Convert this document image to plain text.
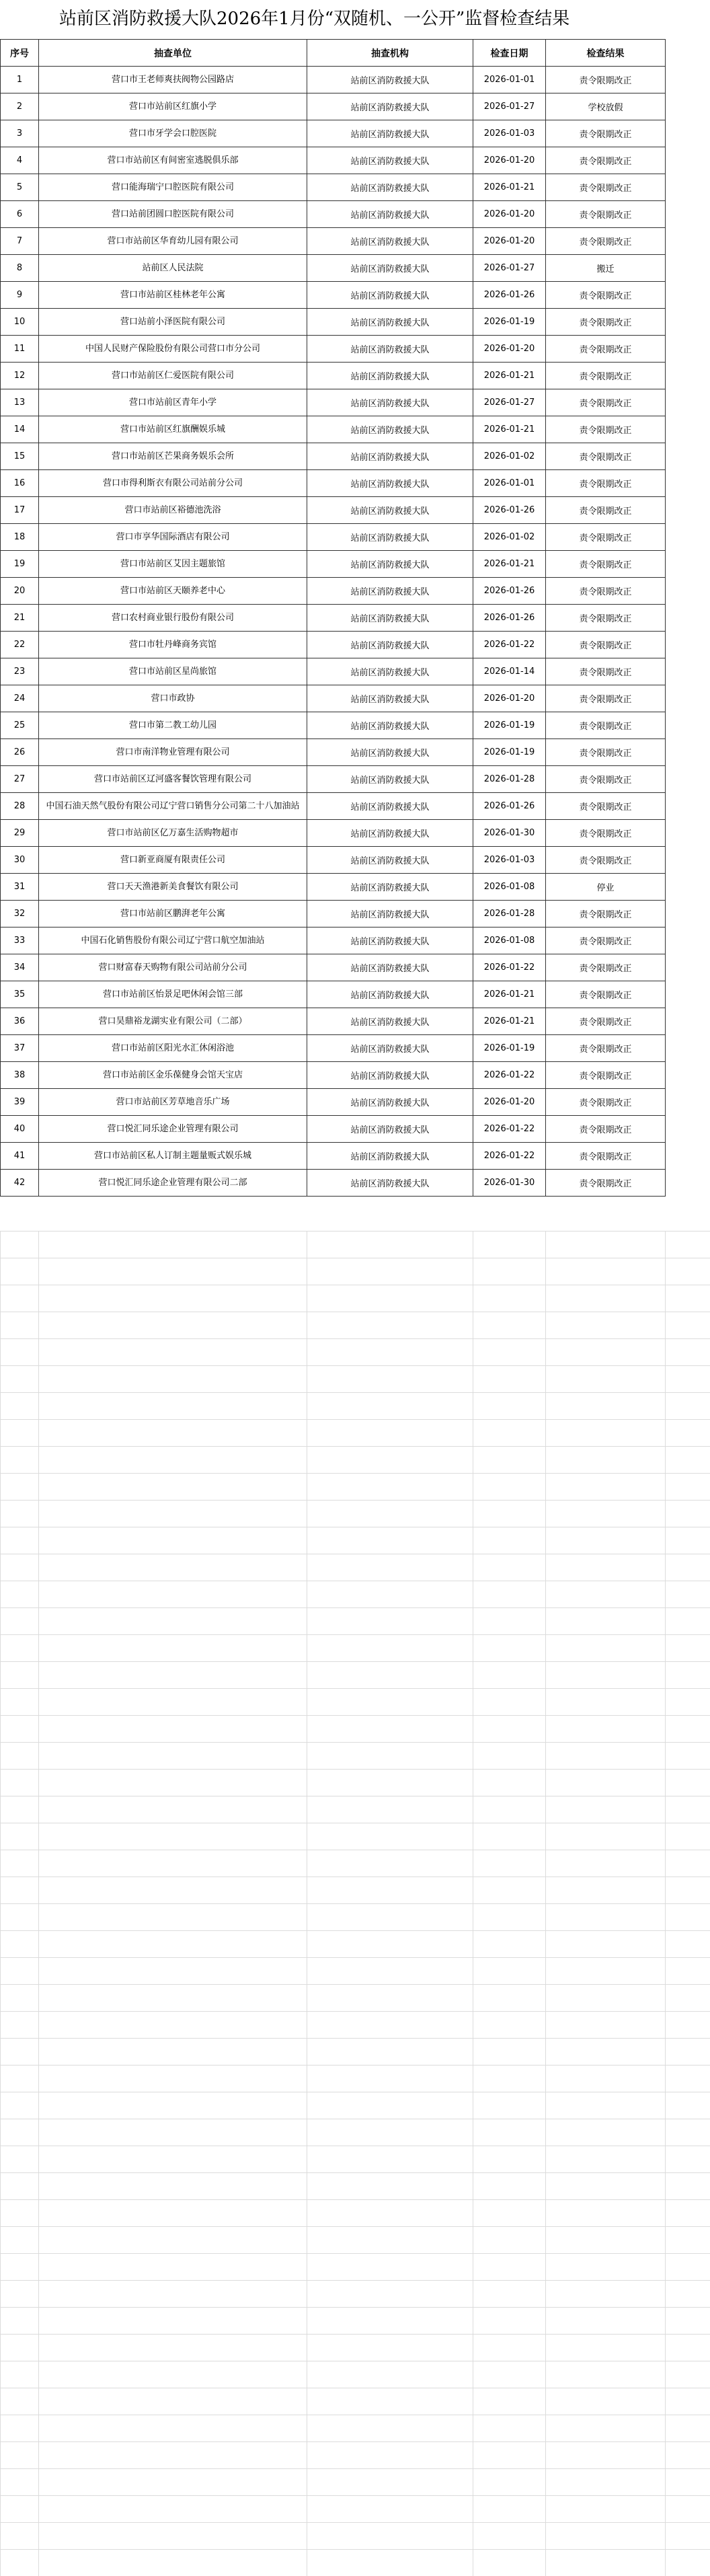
站前区消防救援大队2026年1月份“双随机、一公开”监督检查结果
序号	抽查单位	抽查机构	检查日期	检查结果
1	营口市王老师爽扶阀物公园路店	站前区消防救援大队	2026-01-01	责令限期改正
2	营口市站前区红旗小学	站前区消防救援大队	2026-01-27	学校放假
3	营口市牙学会口腔医院	站前区消防救援大队	2026-01-03	责令限期改正
4	营口市站前区有间密室逃脱俱乐部	站前区消防救援大队	2026-01-20	责令限期改正
5	营口能海瑞宁口腔医院有限公司	站前区消防救援大队	2026-01-21	责令限期改正
6	营口站前团圆口腔医院有限公司	站前区消防救援大队	2026-01-20	责令限期改正
7	营口市站前区华育幼儿园有限公司	站前区消防救援大队	2026-01-20	责令限期改正
8	站前区人民法院	站前区消防救援大队	2026-01-27	搬迁
9	营口市站前区桂林老年公寓	站前区消防救援大队	2026-01-26	责令限期改正
10	营口站前小泽医院有限公司	站前区消防救援大队	2026-01-19	责令限期改正
11	中国人民财产保险股份有限公司营口市分公司	站前区消防救援大队	2026-01-20	责令限期改正
12	营口市站前区仁爱医院有限公司	站前区消防救援大队	2026-01-21	责令限期改正
13	营口市站前区青年小学	站前区消防救援大队	2026-01-27	责令限期改正
14	营口市站前区红旗酬娱乐城	站前区消防救援大队	2026-01-21	责令限期改正
15	营口市站前区芒果商务娱乐会所	站前区消防救援大队	2026-01-02	责令限期改正
16	营口市得利斯衣有限公司站前分公司	站前区消防救援大队	2026-01-01	责令限期改正
17	营口市站前区裕德池洗浴	站前区消防救援大队	2026-01-26	责令限期改正
18	营口市享华国际酒店有限公司	站前区消防救援大队	2026-01-02	责令限期改正
19	营口市站前区艾因主题旅馆	站前区消防救援大队	2026-01-21	责令限期改正
20	营口市站前区天颐养老中心	站前区消防救援大队	2026-01-26	责令限期改正
21	营口农村商业银行股份有限公司	站前区消防救援大队	2026-01-26	责令限期改正
22	营口市牡丹峰商务宾馆	站前区消防救援大队	2026-01-22	责令限期改正
23	营口市站前区星尚旅馆	站前区消防救援大队	2026-01-14	责令限期改正
24	营口市政协	站前区消防救援大队	2026-01-20	责令限期改正
25	营口市第二教工幼儿园	站前区消防救援大队	2026-01-19	责令限期改正
26	营口市南洋物业管理有限公司	站前区消防救援大队	2026-01-19	责令限期改正
27	营口市站前区辽河盛客餐饮管理有限公司	站前区消防救援大队	2026-01-28	责令限期改正
28	中国石油天然气股份有限公司辽宁营口销售分公司第二十八加油站	站前区消防救援大队	2026-01-26	责令限期改正
29	营口市站前区亿万嘉生活购物超市	站前区消防救援大队	2026-01-30	责令限期改正
30	营口新亚商厦有限责任公司	站前区消防救援大队	2026-01-03	责令限期改正
31	营口天天渔港新美食餐饮有限公司	站前区消防救援大队	2026-01-08	停业
32	营口市站前区鹏湃老年公寓	站前区消防救援大队	2026-01-28	责令限期改正
33	中国石化销售股份有限公司辽宁营口航空加油站	站前区消防救援大队	2026-01-08	责令限期改正
34	营口财富春天购物有限公司站前分公司	站前区消防救援大队	2026-01-22	责令限期改正
35	营口市站前区怡景足吧休闲会馆三部	站前区消防救援大队	2026-01-21	责令限期改正
36	营口昊鼎裕龙湖实业有限公司（二部）	站前区消防救援大队	2026-01-21	责令限期改正
37	营口市站前区阳光水汇休闲浴池	站前区消防救援大队	2026-01-19	责令限期改正
38	营口市站前区金乐葆健身会馆天宝店	站前区消防救援大队	2026-01-22	责令限期改正
39	营口市站前区芳草地音乐广场	站前区消防救援大队	2026-01-20	责令限期改正
40	营口悦汇同乐途企业管理有限公司	站前区消防救援大队	2026-01-22	责令限期改正
41	营口市站前区私人订制主题量贩式娱乐城	站前区消防救援大队	2026-01-22	责令限期改正
42	营口悦汇同乐途企业管理有限公司二部	站前区消防救援大队	2026-01-30	责令限期改正
